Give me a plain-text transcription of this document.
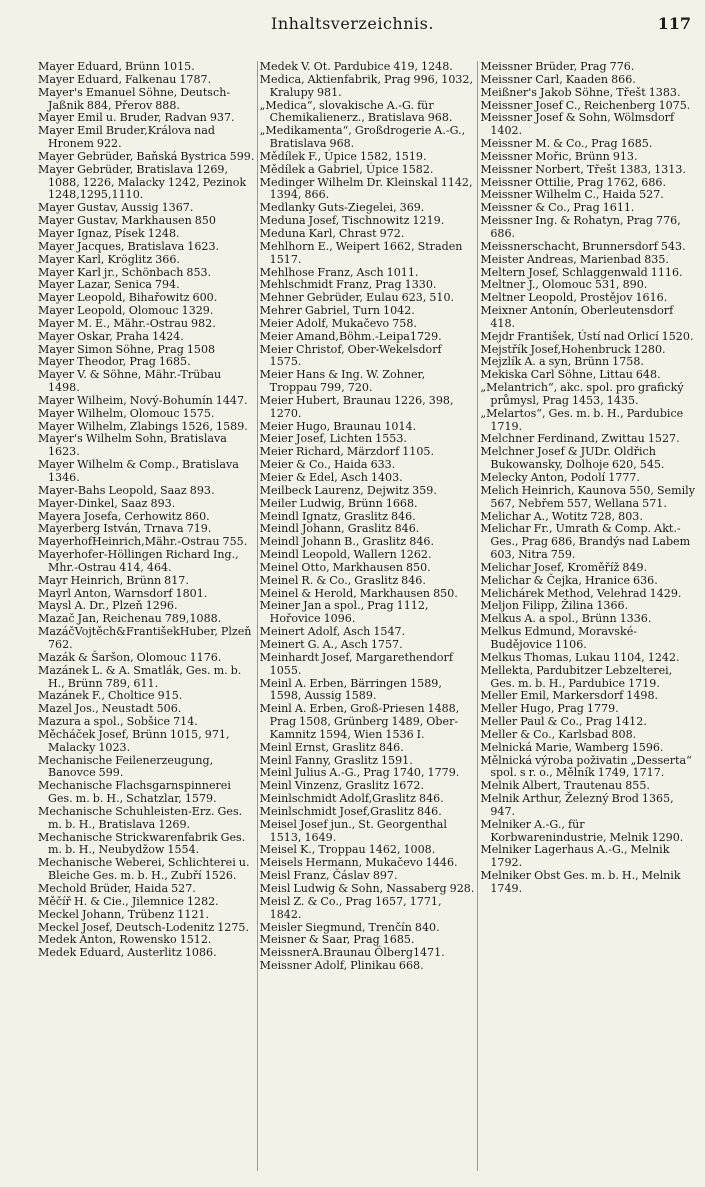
Inhaltsverzeichnis.	117

Mayer Eduard, Brünn 1015.

Mayer Eduard, Falkenau 1787.

Mayer's Emanuel Söhne, Deutsch-Jaßnik 884, Přerov 888.

Mayer Emil u. Bruder, Radvan 937.

Mayer Emil Bruder,Králova nad Hronem 922.

Mayer Gebrüder, Baňská Bystrica 599.

Mayer Gebrüder, Bratislava 1269, 1088, 1226, Malacky 1242, Pezinok 1248,1295,1110.

Mayer Gustav, Aussig 1367.

Mayer Gustav, Markhausen 850

Mayer Ignaz, Písek 1248.

Mayer Jacques, Bratislava 1623.

Mayer Karl, Kröglitz 366.

Mayer Karl jr., Schönbach 853.

Mayer Lazar, Senica 794.

Mayer Leopold, Bihařowitz 600.

Mayer Leopold, Olomouc 1329.

Mayer M. E., Mähr.-Ostrau 982.

Mayer Oskar, Praha 1424.

Mayer Simon Söhne, Prag 1508

Mayer Theodor, Prag 1685.

Mayer V. & Söhne, Mähr.-Trübau 1498.

Mayer Wilheim, Nový-Bohumín 1447.

Mayer Wilhelm, Olomouc 1575.

Mayer Wilhelm, Zlabings 1526, 1589.

Mayer's Wilhelm Sohn, Bratislava 1623.

Mayer Wilhelm & Comp., Bratislava 1346.

Mayer-Bahs Leopold, Saaz 893.

Mayer-Dinkel, Saaz 893.

Mayera Josefa, Cerhowitz 860.

Mayerberg István, Trnava 719.

MayerhofHeinrich,Mähr.-Ostrau 755.

Mayerhofer-Höllingen Richard Ing., Mhr.-Ostrau 414, 464.

Mayr Heinrich, Brünn 817.

Mayrl Anton, Warnsdorf 1801.

Maysl A. Dr., Plzeň 1296.

Mazač Jan, Reichenau 789,1088.

MazáčVojtěch&FrantišekHuber, Plzeň 762.

Mazák & Šaršon, Olomouc 1176.

Mazánek L. & A. Smatlák, Ges. m. b. H., Brünn 789, 611.

Mazánek F., Choltice 915.

Mazel Jos., Neustadt 506.

Mazura a spol., Sobšice 714.

Měcháček Josef, Brünn 1015, 971, Malacky 1023.

Mechanische Feilenerzeugung, Banovce 599.

Mechanische Flachsgarnspinnerei Ges. m. b. H., Schatzlar, 1579.

Mechanische Schuhleisten-Erz. Ges. m. b. H., Bratislava 1269.

Mechanische Strickwarenfabrik Ges. m. b. H., Neubydžow 1554.

Mechanische Weberei, Schlichterei u. Bleiche Ges. m. b. H., Zubří 1526.

Mechold Brüder, Haida 527.

Měčíř H. & Cie., Jilemnice 1282.

Meckel Johann, Trübenz 1121.

Meckel Josef, Deutsch-Lodenitz 1275.

Medek Anton, Rowensko 1512.

Medek Eduard, Austerlitz 1086.

Medek V. Ot. Pardubice 419, 1248.

Medica, Aktienfabrik, Prag 996, 1032, Kralupy 981.

„Medica“, slovakische A.-G. für Chemikalienerz., Bratislava 968.

„Medikamenta“, Großdrogerie A.-G., Bratislava 968.

Mědílek F., Úpice 1582, 1519.

Mědílek a Gabriel, Úpice 1582.

Medinger Wilhelm Dr. Kleinskal 1142, 1394, 866.

Medlanky Guts-Ziegelei, 369.

Meduna Josef, Tischnowitz 1219.

Meduna Karl, Chrast 972.

Mehlhorn E., Weipert 1662, Straden 1517.

Mehlhose Franz, Asch 1011.

Mehlschmidt Franz, Prag 1330.

Mehner Gebrüder, Eulau 623, 510.

Mehrer Gabriel, Turn 1042.

Meier Adolf, Mukačevo 758.

Meier Amand,Böhm.-Leipa1729.

Meier Christof, Ober-Wekelsdorf 1575.

Meier Hans & Ing. W. Zohner, Troppau 799, 720.

Meier Hubert, Braunau 1226, 398, 1270.

Meier Hugo, Braunau 1014.

Meier Josef, Lichten 1553.

Meier Richard, Märzdorf 1105.

Meier & Co., Haida 633.

Meier & Edel, Asch 1403.

Meilbeck Laurenz, Dejwitz 359.

Meiler Ludwig, Brünn 1668.

Meindl Ignatz, Graslitz 846.

Meindl Johann, Graslitz 846.

Meindl Johann B., Graslitz 846.

Meindl Leopold, Wallern 1262.

Meinel Otto, Markhausen 850.

Meinel R. & Co., Graslitz 846.

Meinel & Herold, Markhausen 850.

Meiner Jan a spol., Prag 1112, Hořovice 1096.

Meinert Adolf, Asch 1547.

Meinert G. A., Asch 1757.

Meinhardt Josef, Margarethendorf 1055.

Meinl A. Erben, Bärringen 1589, 1598, Aussig 1589.

Meinl A. Erben, Groß-Priesen 1488, Prag 1508, Grünberg 1489, Ober-Kamnitz 1594, Wien 1536 I.

Meinl Ernst, Graslitz 846.

Meinl Fanny, Graslitz 1591.

Meinl Julius A.-G., Prag 1740, 1779.

Meinl Vinzenz, Graslitz 1672.

Meinlschmidt Adolf,Graslitz 846.

Meinlschmidt Josef,Graslitz 846.

Meisel Josef jun., St. Georgenthal 1513, 1649.

Meisel K., Troppau 1462, 1008.

Meisels Hermann, Mukačevo 1446.

Meisl Franz, Čáslav 897.

Meisl Ludwig & Sohn, Nassaberg 928.

Meisl Z. & Co., Prag 1657, 1771, 1842.

Meisler Siegmund, Trenčín 840.

Meisner & Saar, Prag 1685.

MeissnerA.Braunau Ölberg1471.

Meissner Adolf, Plinikau 668.

Meissner Brüder, Prag 776.

Meissner Carl, Kaaden 866.

Meißner's Jakob Söhne, Třešt 1383.

Meissner Josef C., Reichenberg 1075.

Meissner Josef & Sohn, Wölmsdorf 1402.

Meissner M. & Co., Prag 1685.

Meissner Mořic, Brünn 913.

Meissner Norbert, Třešt 1383, 1313.

Meissner Ottilie, Prag 1762, 686.

Meissner Wilhelm C., Haida 527.

Meissner & Co., Prag 1611.

Meissner Ing. & Rohatyn, Prag 776, 686.

Meissnerschacht, Brunnersdorf 543.

Meister Andreas, Marienbad 835.

Meltern Josef, Schlaggenwald 1116.

Meltner J., Olomouc 531, 890.

Meltner Leopold, Prostějov 1616.

Meixner Antonín, Oberleutensdorf 418.

Mejdr František, Ústí nad Orlicí 1520.

Mejstřík Josef,Hohenbruck 1280.

Mejzlík A. a syn, Brünn 1758.

Mekiska Carl Söhne, Littau 648.

„Melantrich“, akc. spol. pro grafický průmysl, Prag 1453, 1435.

„Melartos“, Ges. m. b. H., Pardubice 1719.

Melchner Ferdinand, Zwittau 1527.

Melchner Josef & JUDr. Oldřich Bukowansky, Dolhoje 620, 545.

Melecky Anton, Podolí 1777.

Melich Heinrich, Kaunova 550, Semily 567, Nebřem 557, Wellana 571.

Melichar A., Wotitz 728, 803.

Melichar Fr., Umrath & Comp. Akt.-Ges., Prag 686, Brandýs nad Labem 603, Nitra 759.

Melichar Josef, Kroměříž 849.

Melichar & Čejka, Hranice 636.

Melichárek Method, Velehrad 1429.

Meljon Filipp, Žilina 1366.

Melkus A. a spol., Brünn 1336.

Melkus Edmund, Moravské-Budějovice 1106.

Melkus Thomas, Lukau 1104, 1242.

Mellekta, Pardubitzer Lebzelterei, Ges. m. b. H., Pardubice 1719.

Meller Emil, Markersdorf 1498.

Meller Hugo, Prag 1779.

Meller Paul & Co., Prag 1412.

Meller & Co., Karlsbad 808.

Melnická Marie, Wamberg 1596.

Mělnická výroba poživatin „Desserta“ spol. s r. o., Mělník 1749, 1717.

Melnik Albert, Trautenau 855.

Melnik Arthur, Železný Brod 1365, 947.

Melniker A.-G., für Korbwarenindustrie, Melnik 1290.

Melniker Lagerhaus A.-G., Melnik 1792.

Melniker Obst Ges. m. b. H., Melnik 1749.
